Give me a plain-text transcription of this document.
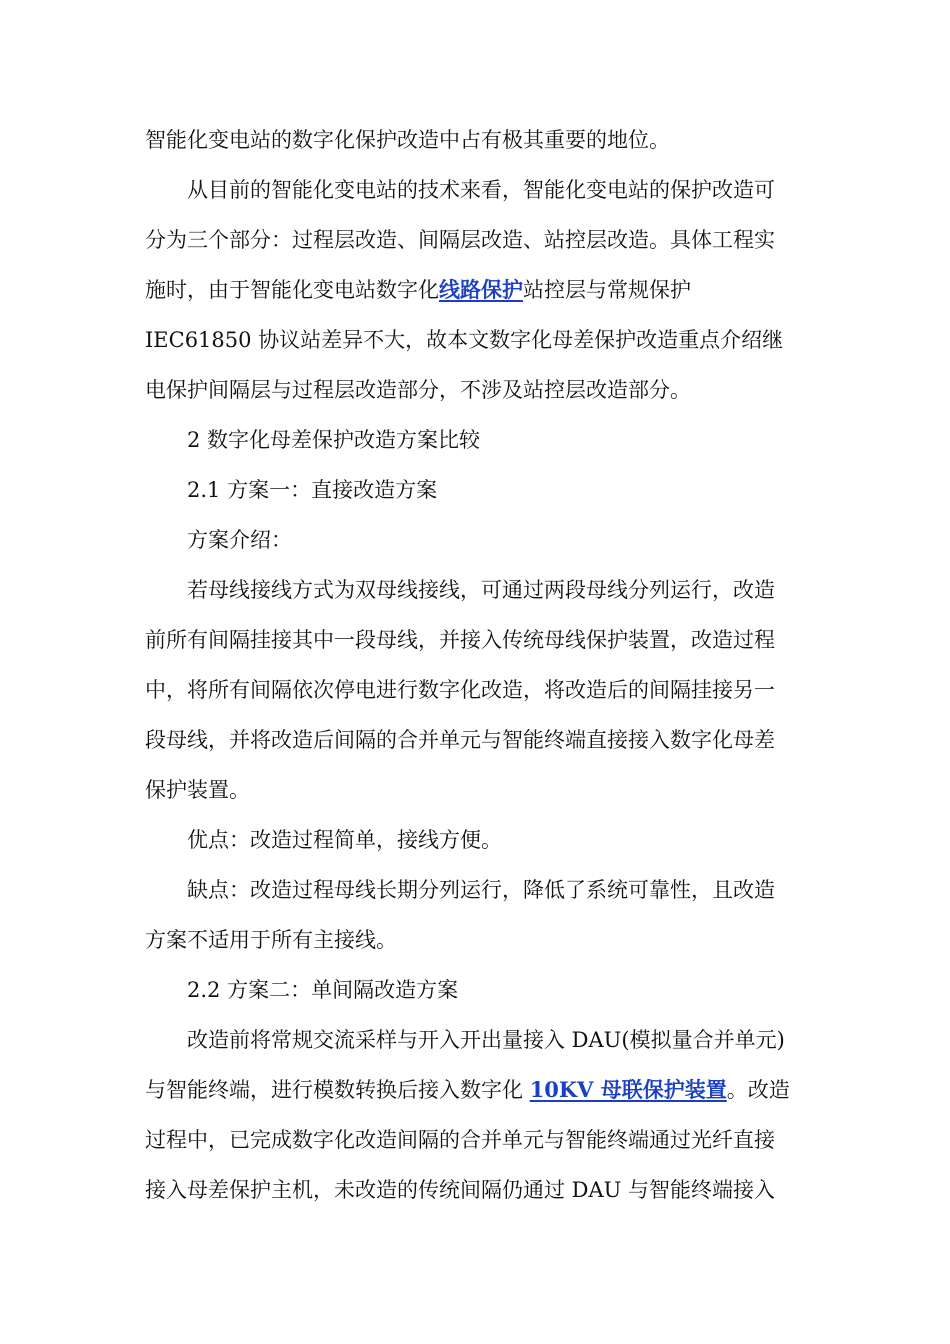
智能化变电站的数字化保护改造中占有极其重要的地位。
从目前的智能化变电站的技术来看，智能化变电站的保护改造可
分为三个部分：过程层改造、间隔层改造、站控层改造。具体工程实
施时，由于智能化变电站数字化线路保护站控层与常规保护
IEC61850 协议站差异不大，故本文数字化母差保护改造重点介绍继
电保护间隔层与过程层改造部分，不涉及站控层改造部分。
2 数字化母差保护改造方案比较
2.1 方案一：直接改造方案
方案介绍：
若母线接线方式为双母线接线，可通过两段母线分列运行，改造
前所有间隔挂接其中一段母线，并接入传统母线保护装置，改造过程
中，将所有间隔依次停电进行数字化改造，将改造后的间隔挂接另一
段母线，并将改造后间隔的合并单元与智能终端直接接入数字化母差
保护装置。
优点：改造过程简单，接线方便。
缺点：改造过程母线长期分列运行，降低了系统可靠性，且改造
方案不适用于所有主接线。
2.2 方案二：单间隔改造方案
改造前将常规交流采样与开入开出量接入 DAU(模拟量合并单元)
与智能终端，进行模数转换后接入数字化 10KV 母联保护装置。改造
过程中，已完成数字化改造间隔的合并单元与智能终端通过光纤直接
接入母差保护主机，未改造的传统间隔仍通过 DAU 与智能终端接入
